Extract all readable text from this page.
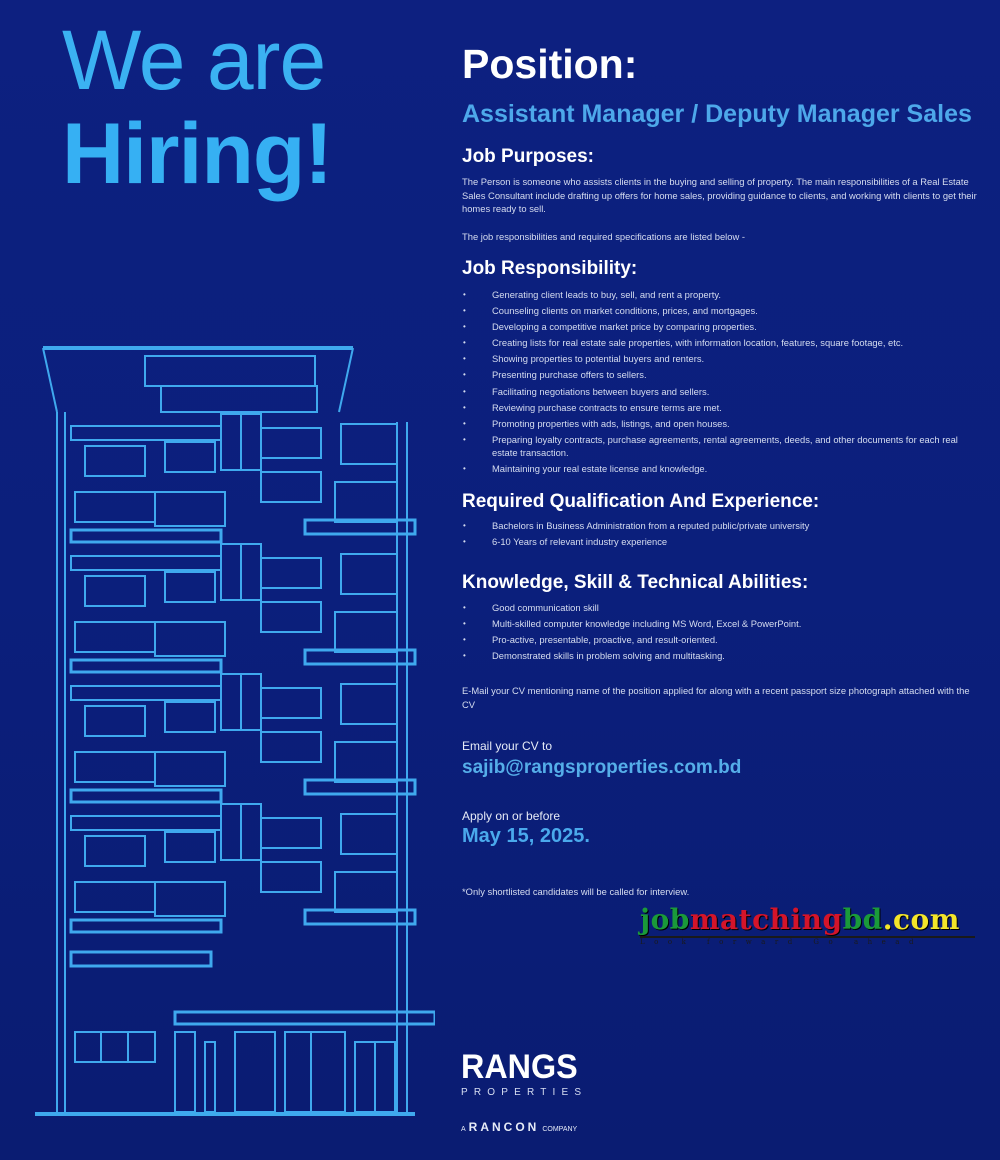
We are
Hiring!
Position:
Assistant Manager / Deputy Manager Sales
Job Purposes:

The Person is someone who assists clients in the buying and selling of property. The main responsibilities of a Real Estate Sales Consultant include drafting up offers for home sales, providing guidance to clients, and working with clients to get their homes ready to sell.

The job responsibilities and required specifications are listed below -

Job Responsibility:
• Generating client leads to buy, sell, and rent a property.
• Counseling clients on market conditions, prices, and mortgages.
• Developing a competitive market price by comparing properties.
• Creating lists for real estate sale properties, with information location, features, square footage, etc.
• Showing properties to potential buyers and renters.
• Presenting purchase offers to sellers.
• Facilitating negotiations between buyers and sellers.
• Reviewing purchase contracts to ensure terms are met.
• Promoting properties with ads, listings, and open houses.
• Preparing loyalty contracts, purchase agreements, rental agreements, deeds, and other documents for each real estate transaction.
• Maintaining your real estate license and knowledge.
Required Qualification And Experience:
• Bachelors in Business Administration from a reputed public/private university
• 6-10 Years of relevant industry experience
Knowledge, Skill & Technical Abilities:
• Good communication skill
• Multi-skilled computer knowledge including MS Word, Excel & PowerPoint.
• Pro-active, presentable, proactive, and result-oriented.
• Demonstrated skills in problem solving and multitasking.

E-Mail your CV mentioning name of the position applied for along with a recent passport size photograph attached with the CV

Email your CV to
sajib@rangsproperties.com.bd
Apply on or before
May 15, 2025.
*Only shortlisted candidates will be called for interview.
jobmatchingbd.com
Look forward Go ahead
RANGS
PROPERTIES
A RANCON COMPANY
